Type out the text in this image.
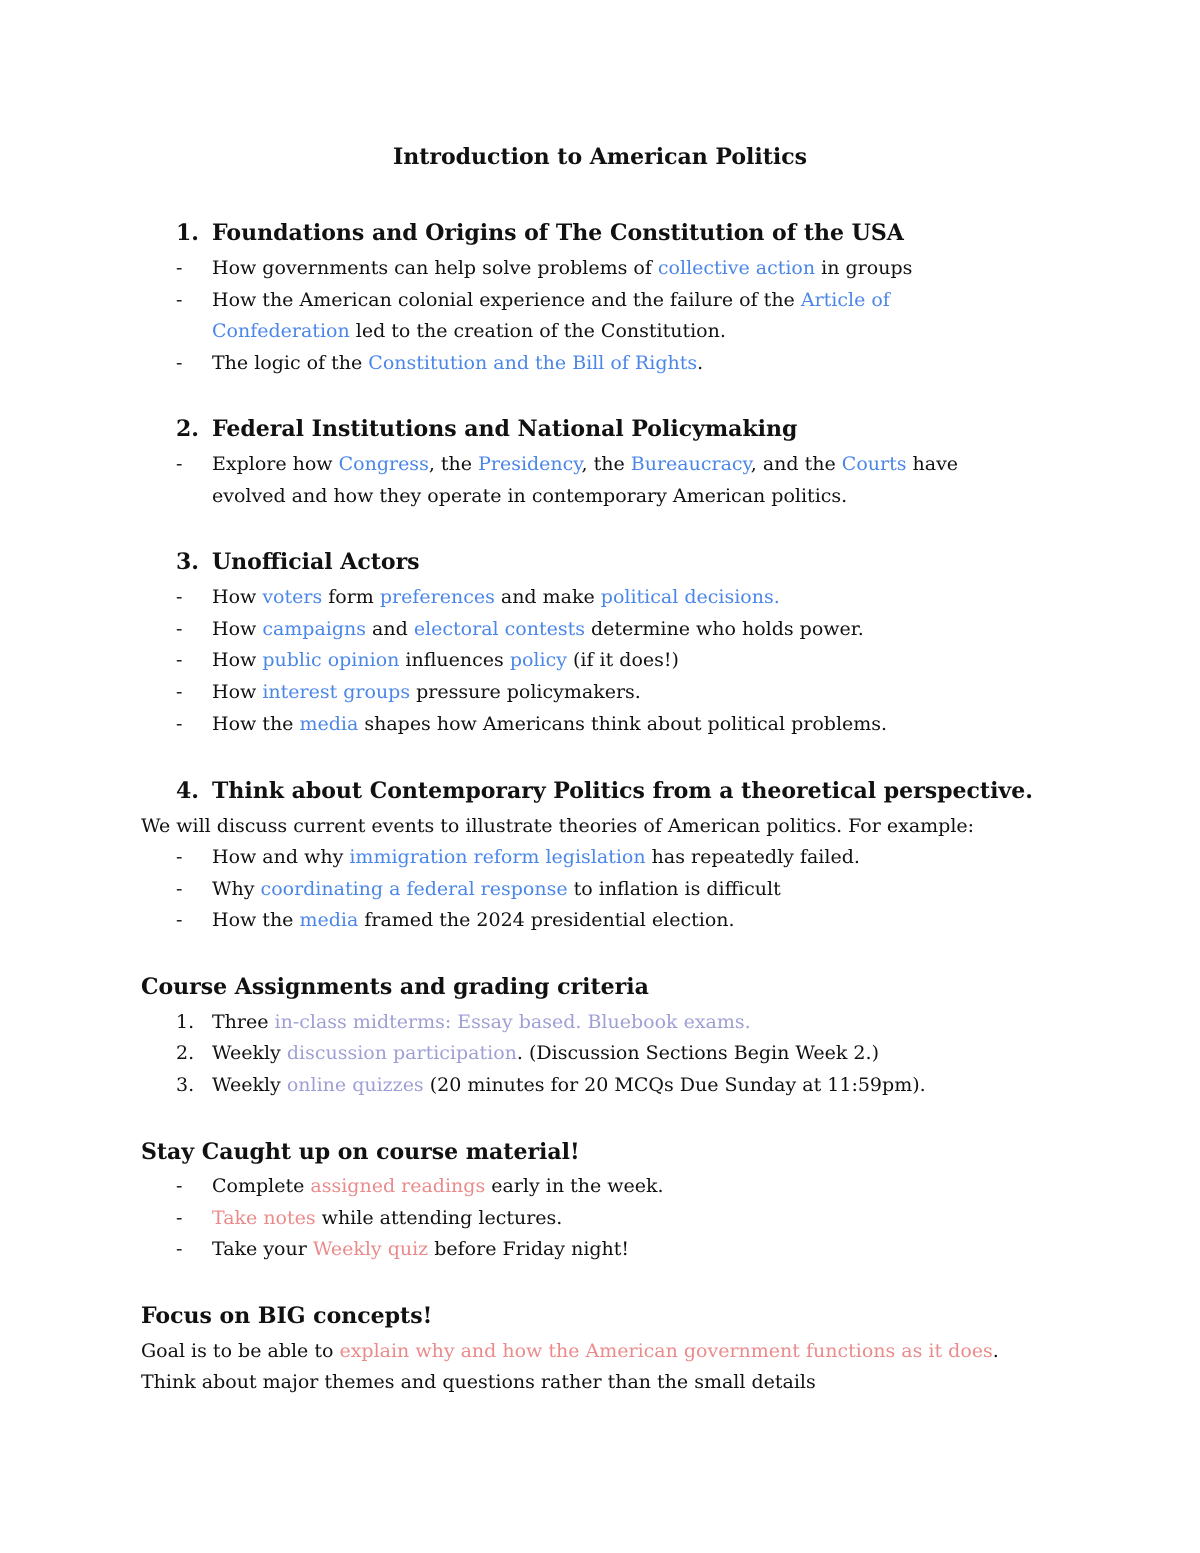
Introduction to American Politics
1. Foundations and Origins of The Constitution of the USA
- How governments can help solve problems of collective action in groups
- How the American colonial experience and the failure of the Article of
Confederation led to the creation of the Constitution.
- The logic of the Constitution and the Bill of Rights.
2. Federal Institutions and National Policymaking
- Explore how Congress, the Presidency, the Bureaucracy, and the Courts have
evolved and how they operate in contemporary American politics.
3. Unofficial Actors
- How voters form preferences and make political decisions.
- How campaigns and electoral contests determine who holds power.
- How public opinion influences policy (if it does!)
- How interest groups pressure policymakers.
- How the media shapes how Americans think about political problems.
4. Think about Contemporary Politics from a theoretical perspective.
We will discuss current events to illustrate theories of American politics. For example:
- How and why immigration reform legislation has repeatedly failed.
- Why coordinating a federal response to inflation is difficult
- How the media framed the 2024 presidential election.
Course Assignments and grading criteria
1. Three in-class midterms: Essay based. Bluebook exams.
2. Weekly discussion participation. (Discussion Sections Begin Week 2.)
3. Weekly online quizzes (20 minutes for 20 MCQs Due Sunday at 11:59pm).
Stay Caught up on course material!
- Complete assigned readings early in the week.
- Take notes while attending lectures.
- Take your Weekly quiz before Friday night!
Focus on BIG concepts!
Goal is to be able to explain why and how the American government functions as it does.
Think about major themes and questions rather than the small details
